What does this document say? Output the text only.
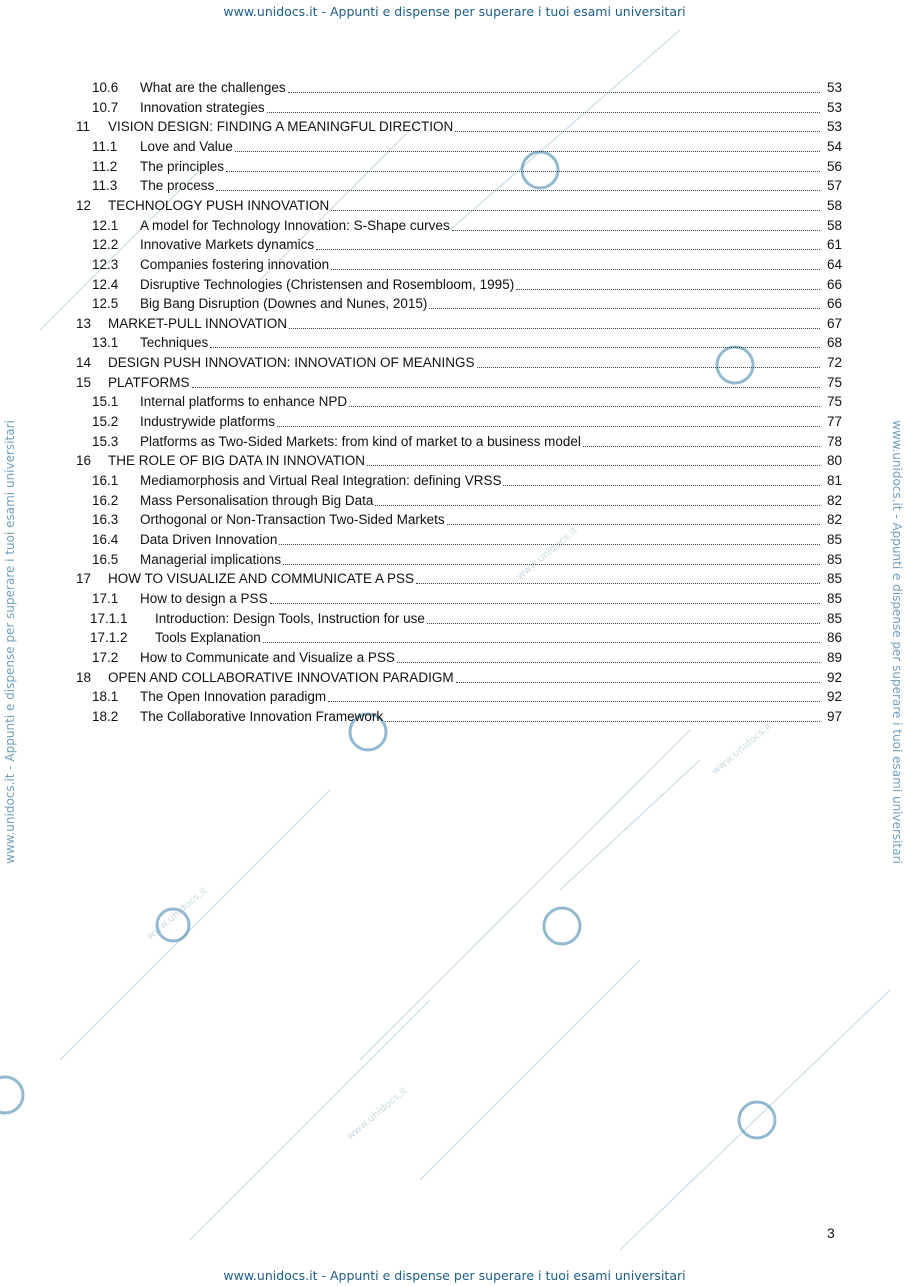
www.unidocs.it
www.unidocs.it
www.unidocs.it
www.unidocs.it
www.unidocs.it - Appunti e dispense per superare i tuoi esami universitari
www.unidocs.it - Appunti e dispense per superare i tuoi esami universitari	www.unidocs.it - Appunti e dispense per superare i tuoi esami universitari
10.6 What are the challenges	53
10.7 Innovation strategies	53
11 VISION DESIGN: FINDING A MEANINGFUL DIRECTION	53
11.1 Love and Value	54
11.2 The principles	56
11.3 The process	57
12 TECHNOLOGY PUSH INNOVATION	58
12.1 A model for Technology Innovation: S-Shape curves	58
12.2 Innovative Markets dynamics	61
12.3 Companies fostering innovation	64
12.4 Disruptive Technologies (Christensen and Rosembloom, 1995)	66
12.5 Big Bang Disruption (Downes and Nunes, 2015)	66
13 MARKET-PULL INNOVATION	67
13.1 Techniques	68
14 DESIGN PUSH INNOVATION: INNOVATION OF MEANINGS	72
15 PLATFORMS	75
15.1 Internal platforms to enhance NPD	75
15.2 Industrywide platforms	77
15.3 Platforms as Two-Sided Markets: from kind of market to a business model	78
16 THE ROLE OF BIG DATA IN INNOVATION	80
16.1 Mediamorphosis and Virtual Real Integration: defining VRSS	81
16.2 Mass Personalisation through Big Data	82
16.3 Orthogonal or Non-Transaction Two-Sided Markets	82
16.4 Data Driven Innovation	85
16.5 Managerial implications	85
17 HOW TO VISUALIZE AND COMMUNICATE A PSS	85
17.1 How to design a PSS	85
17.1.1 Introduction: Design Tools, Instruction for use	85
17.1.2 Tools Explanation	86
17.2 How to Communicate and Visualize a PSS	89
18 OPEN AND COLLABORATIVE INNOVATION PARADIGM	92
18.1 The Open Innovation paradigm	92
18.2 The Collaborative Innovation Framework	97
3
www.unidocs.it - Appunti e dispense per superare i tuoi esami universitari
